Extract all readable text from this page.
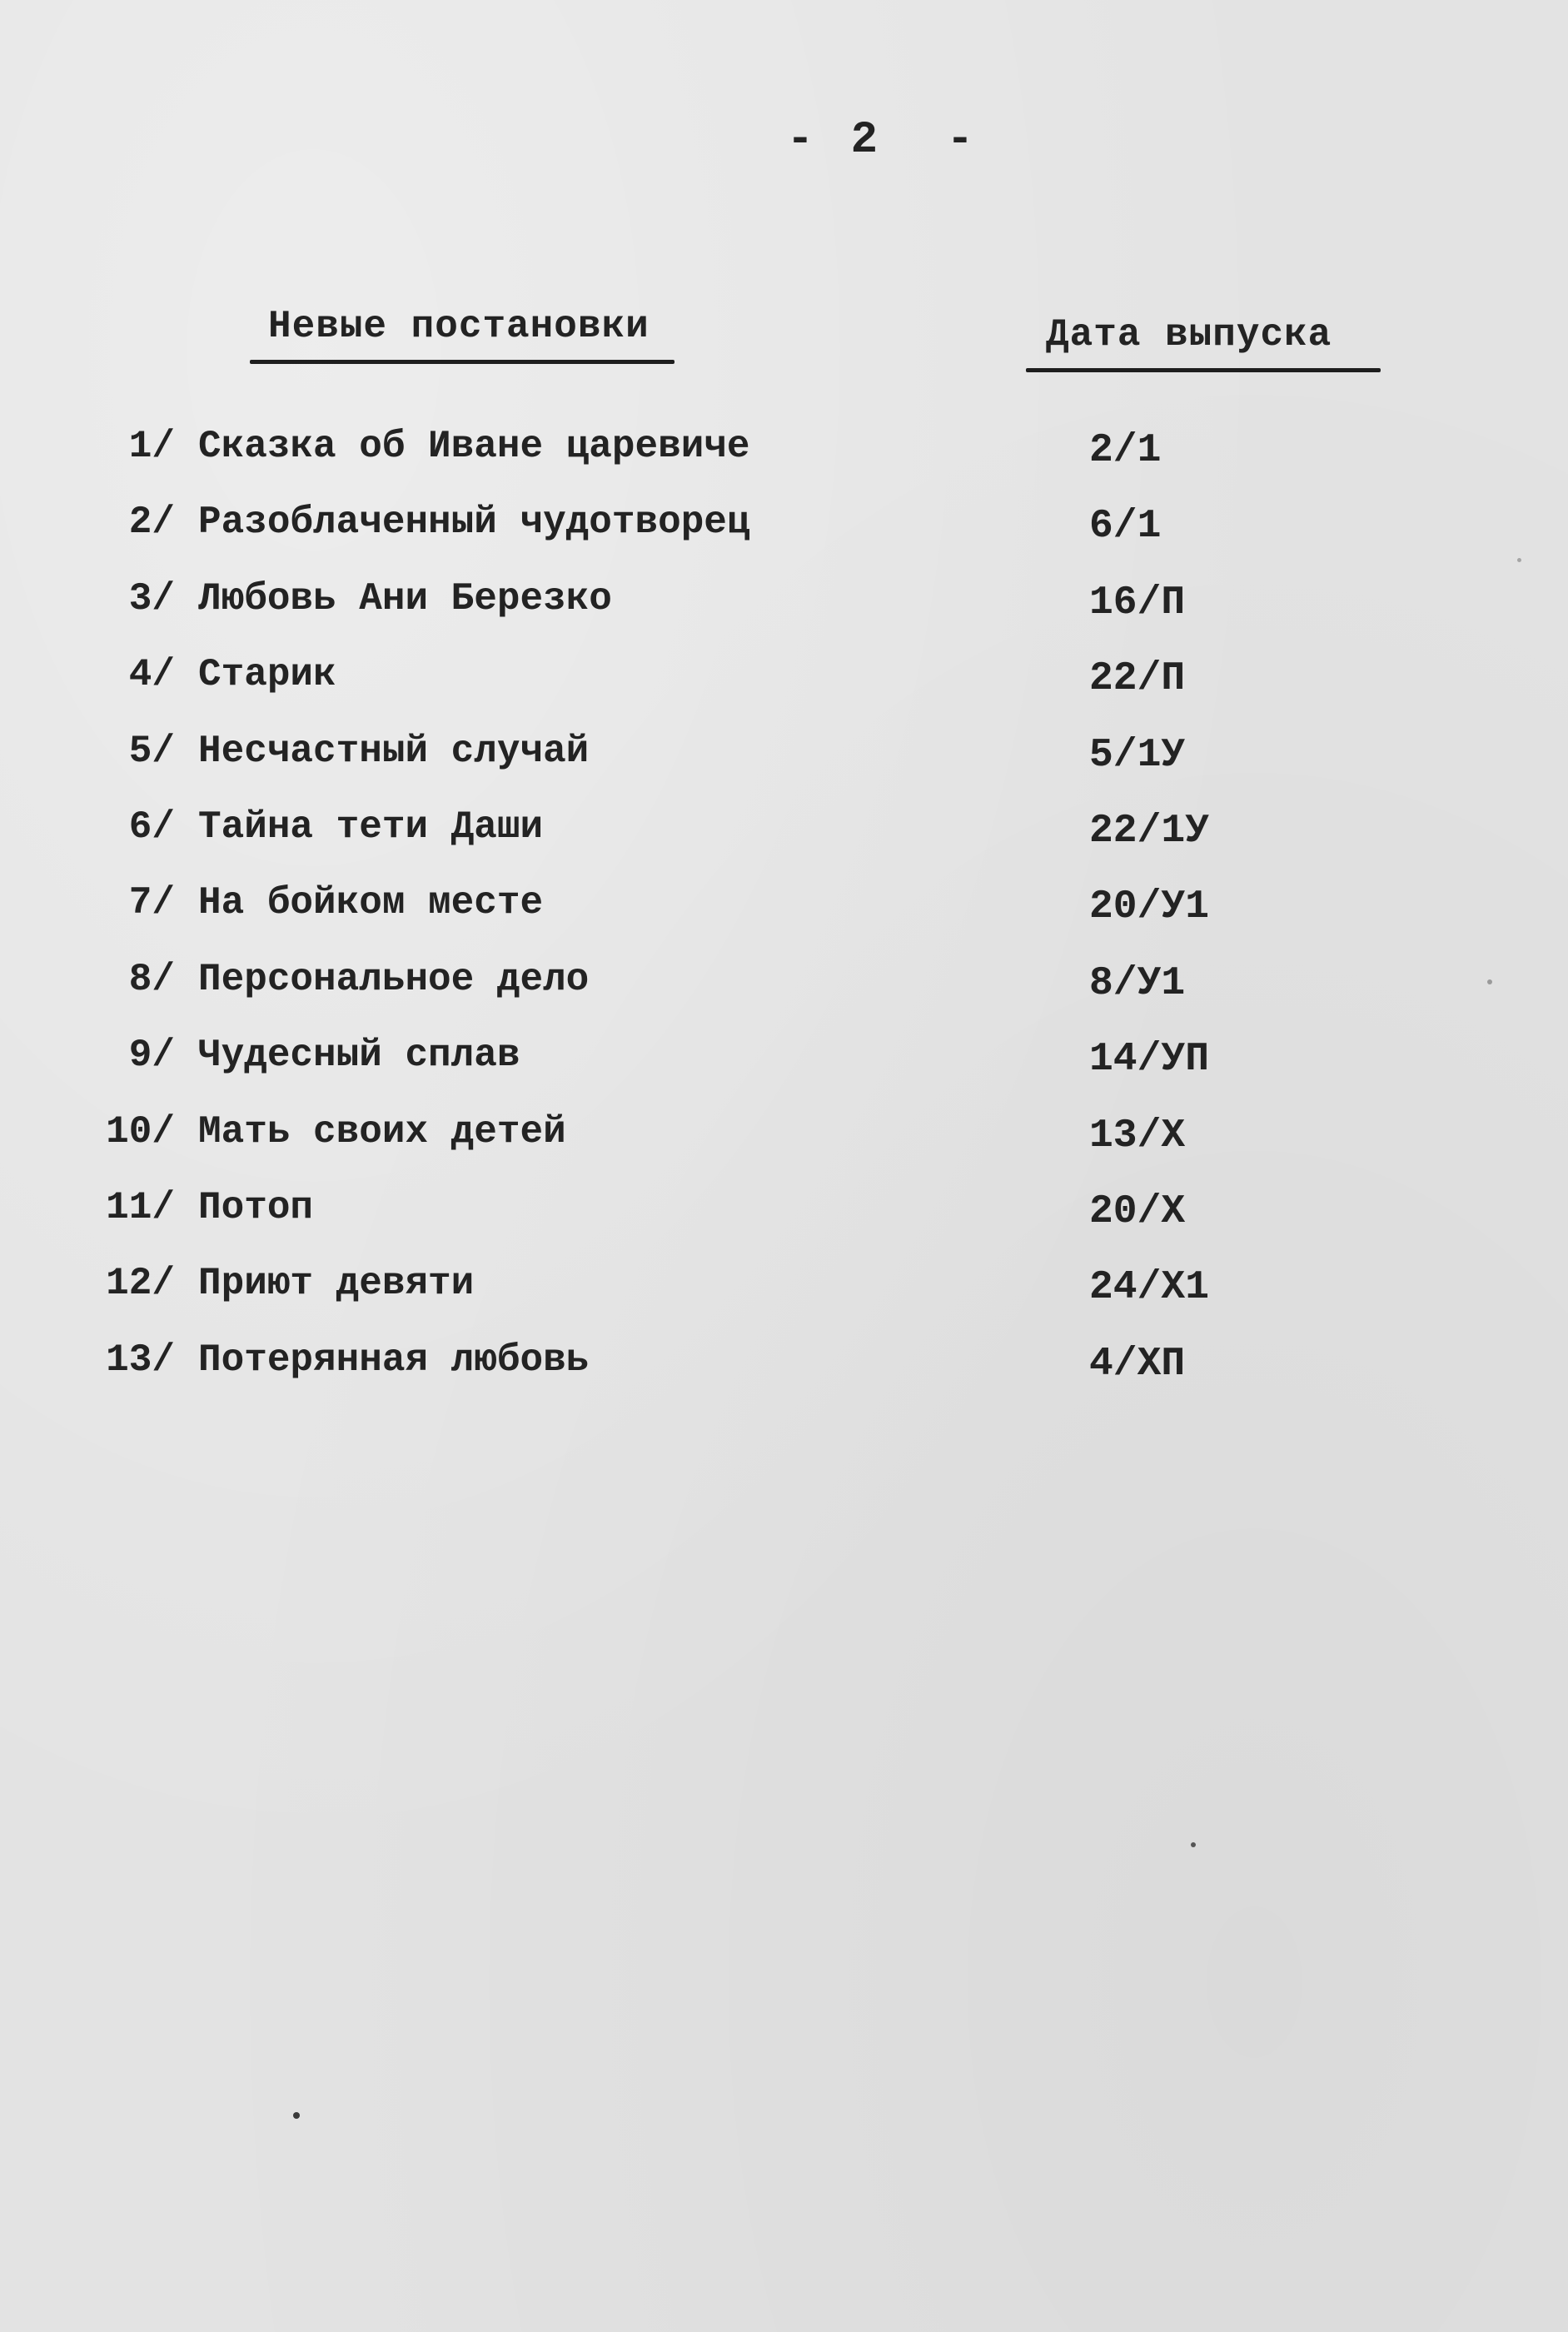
- 2  -
Невые постановки	Дата выпуска
1/ Сказка об Иване царевиче	2/1
2/ Разоблаченный чудотворец	6/1
3/ Любовь Ани Березко	16/П
4/ Старик	22/П
5/ Несчастный случай	5/1У
6/ Тайна тети Даши	22/1У
7/ На бойком месте	20/У1
8/ Персональное дело	8/У1
9/ Чудесный сплав	14/УП
10/ Мать своих детей	13/Х
11/ Потоп	20/Х
12/ Приют девяти	24/Х1
13/ Потерянная любовь	4/ХП
